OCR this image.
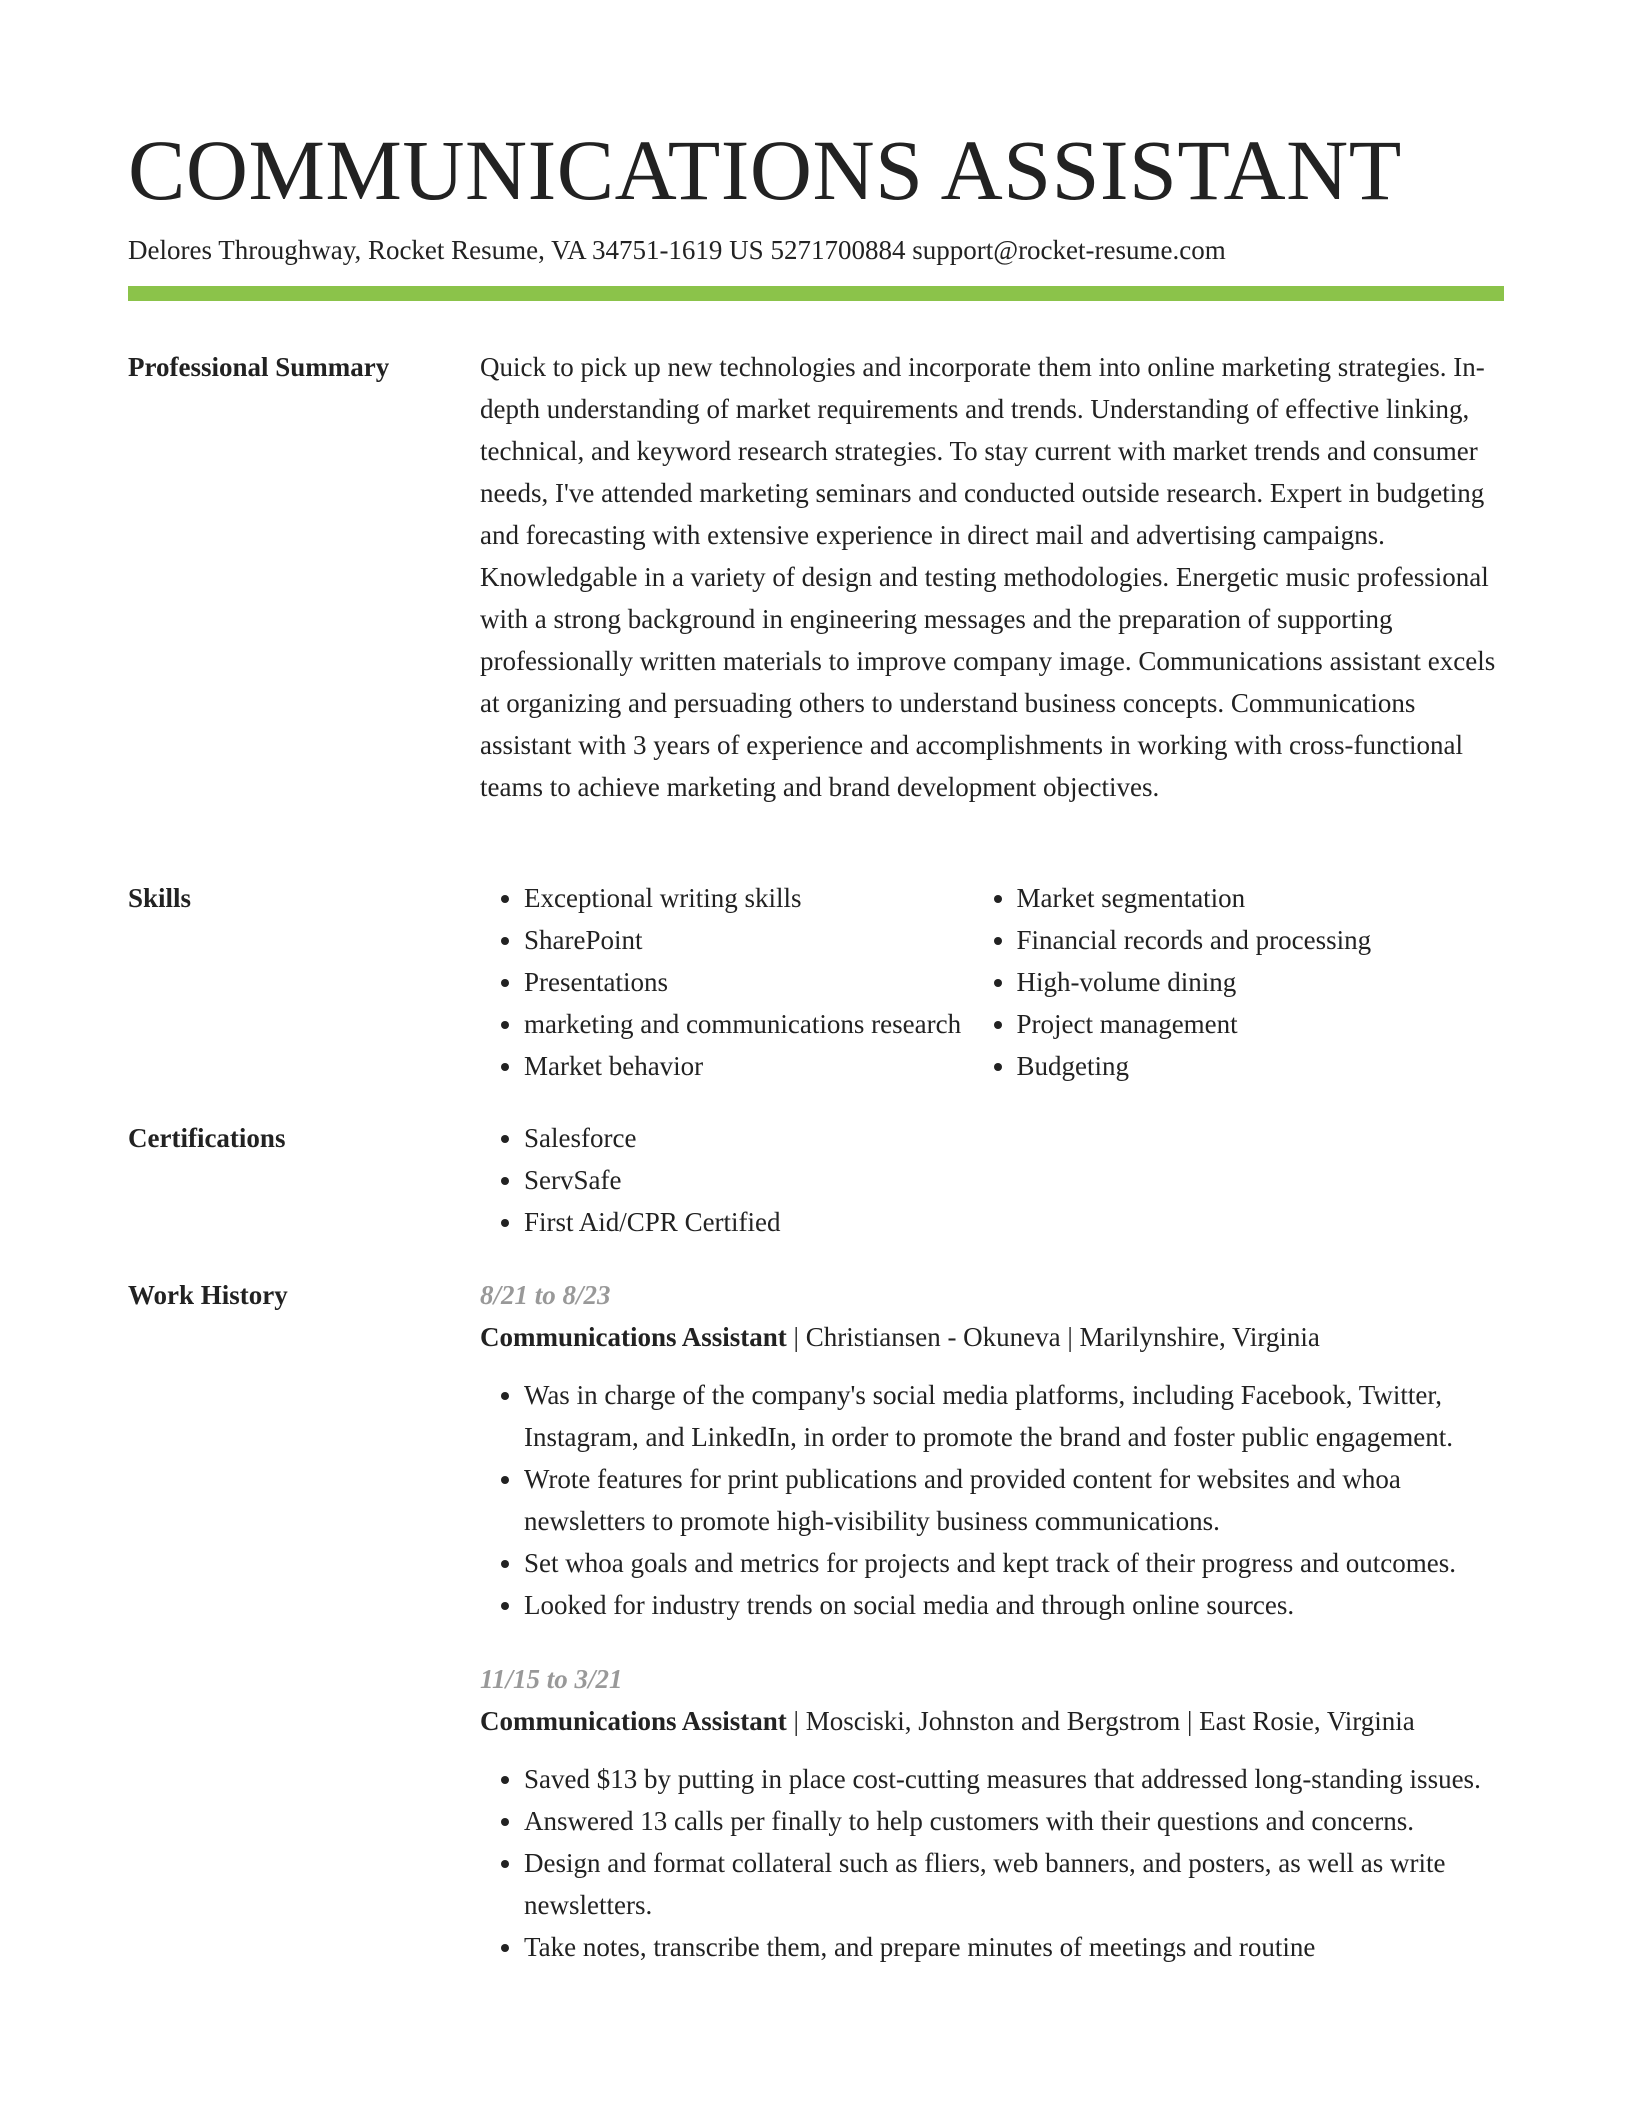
COMMUNICATIONS ASSISTANT
Delores Throughway, Rocket Resume, VA 34751-1619 US 5271700884 support@rocket-resume.com
Professional Summary	Quick to pick up new technologies and incorporate them into online marketing strategies. In-depth understanding of market requirements and trends. Understanding of effective linking, technical, and keyword research strategies. To stay current with market trends and consumer needs, I've attended marketing seminars and conducted outside research. Expert in budgeting and forecasting with extensive experience in direct mail and advertising campaigns. Knowledgable in a variety of design and testing methodologies. Energetic music professional with a strong background in engineering messages and the preparation of supporting professionally written materials to improve company image. Communications assistant excels at organizing and persuading others to understand business concepts. Communications assistant with 3 years of experience and accomplishments in working with cross-functional teams to achieve marketing and brand development objectives.

Skills	• Exceptional writing skills
• SharePoint
• Presentations
• marketing and communications research
• Market behavior
• Market segmentation
• Financial records and processing
• High-volume dining
• Project management
• Budgeting
Certifications	• Salesforce
• ServSafe
• First Aid/CPR Certified
Work History	8/21 to 8/23
Communications Assistant | Christiansen - Okuneva | Marilynshire, Virginia
• Was in charge of the company's social media platforms, including Facebook, Twitter, Instagram, and LinkedIn, in order to promote the brand and foster public engagement.
• Wrote features for print publications and provided content for websites and whoa newsletters to promote high-visibility business communications.
• Set whoa goals and metrics for projects and kept track of their progress and outcomes.
• Looked for industry trends on social media and through online sources.
11/15 to 3/21
Communications Assistant | Mosciski, Johnston and Bergstrom | East Rosie, Virginia
• Saved $13 by putting in place cost-cutting measures that addressed long-standing issues.
• Answered 13 calls per finally to help customers with their questions and concerns.
• Design and format collateral such as fliers, web banners, and posters, as well as write newsletters.
• Take notes, transcribe them, and prepare minutes of meetings and routine
